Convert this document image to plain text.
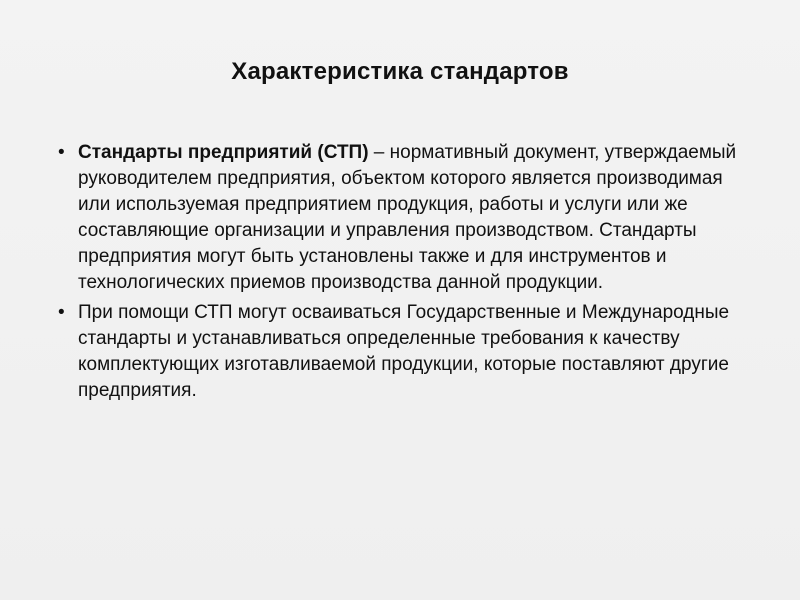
Характеристика стандартов
• Стандарты предприятий (СТП) – нормативный документ, утверждаемый руководителем предприятия, объектом которого является производимая или используемая предприятием продукция, работы и услуги или же составляющие организации и управления производством. Стандарты предприятия могут быть установлены также и для инструментов и технологических приемов производства данной продукции.
• При помощи СТП могут осваиваться Государственные и Международные стандарты и устанавливаться определенные требования к качеству комплектующих изготавливаемой продукции, которые поставляют другие предприятия.
